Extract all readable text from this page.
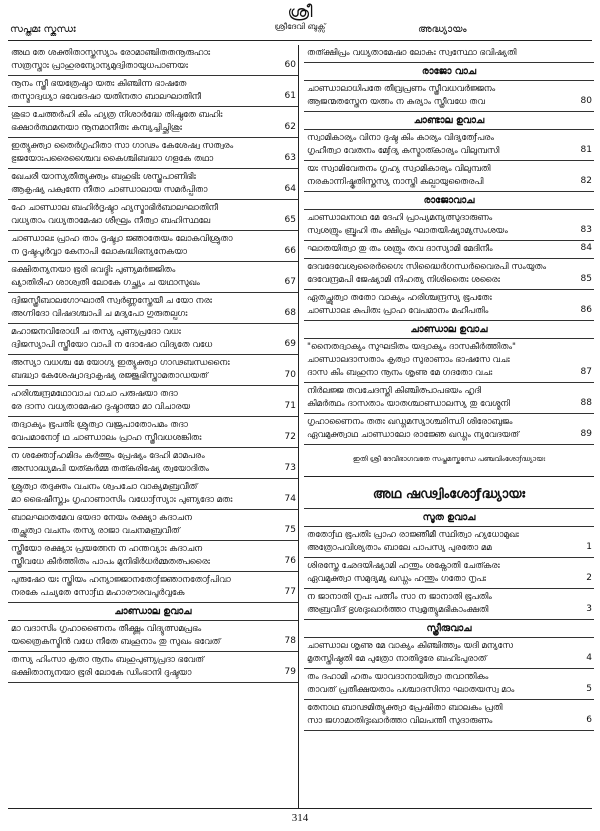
സപ്തമഃ സ്കന്ധഃ
ശ്രീ
ശ്രീദേവി ബുക്സ്	അദ്ധ്യായം
അഥ തേ ശക്തിതാസ്തസ്യാം രോമാഞ്ചിതതനൂരുഹാഃ
സത്രസ്താഃ പ്രാഹുരന്യോന്യമുദ്വിതായുധപാണയഃ	60
നൂനം സ്ത്രീ ഭയത്രേഷ്ടാ യതഃ കിഞ്ചിന്ന ഭാഷതേ
തസ്മാദ്വധ്യാ ഭവേദേഷാ യതിനതാ ബാലഘാതിനീ	61
ശുഭാ ചേത്തർഹി കിം ഹ്യത്ര നിശാർദ്ധേ തിഷ്ഠതേ ബഹിഃ
ഭക്ഷാർത്ഥമനയാ നൂനമാനീതഃ കമ്പ്യച്ചിച്ഛിശുഃ	62
ഇത്യുക്ത്വാ തൈർഗൃഹീതാ സാ ഗാഢം കേശേഷ്വ സത്വരം
ഭുജയോഃപരൈശ്ചൈവ കൈശ്ചിബദ്ധാ ഗളകേ തഥാ	63
ഖേചരീ യാസ്യതീത്യുക്ത്വം ബഹുഭിഃ ശസ്ത്രപാണിഭിഃ
ആകൃഷ്യ പക്വന്നേ നീതാ ചാണ്ഡാലായ സമർപ്പിതാ	64
ഹേ ചാണ്ഡാല ബഹിർദൃഷ്ടാ ഹ്യസ്മാഭിർബാലഘാതിനീ
വധ്യതാം വധ്യതാമേഷാ ശീഘ്രം നീത്വാ ബഹിസ്ഥലേ	65
ചാണ്ഡാലഃ പ്രാഹ താം ദൃഷ്ട്വാ ജ്ഞാതേയം ലോകവിശ്രുതാ
ന ദൃഷ്ടപൂർവ്വാ കേനാപി ലോകദ്ധിഭന്യനേകയാ	66
ഭക്ഷിതന്യനയാ ഭൂരി ഭവദ്ഭിഃ പുണ്യമർജ്ജിതം
ഖ്യാതിരീഹ ശാശ്വതീ ലോകേ ഗച്ഛ്യം ച യഥാസുഖം	67
ദ്വിജസ്ത്രീബാലഗോഘാതീ സ്വർണ്ണസ്തേയീ ച യോ നരഃ
അഗ്നിദോ വിഷദശ്ചാപി ച മദ്യപോ ഗുരുതല്പഗഃ	68
മഹാജനവിരോധീ ച തസ്യ പുണ്യപ്രദോ വധഃ
ദ്വിജസ്യാപി സ്ത്രീയോ വാപി ന ദോഷോ വിദ്യതേ വധേ	69
അസ്യാ വധശ്ച മേ യോഗ്യ ഇത്യുക്ത്വാ ഗാഢബന്ധനൈഃ
ബദ്ധ്വാ കേശേഷ്വാദ്വാകൃഷ്യ രജ്ജുഭിസ്താമതാഡയത്	70
ഹരിശ്ചന്ദ്രമഥോവാച വാചാ പരുഷയാ തദാ
രേ ദാസ വധ്യതാമേഷാ ദുഷ്ടാത്മാ മാ വിചാരയ	71
തദ്വാക്യം ഭൂപതിഃ ശ്രുത്വാ വജ്രപാതോപമം തദാ
വേപമാനോƒ ഥ ചാണ്ഡാലം പ്രാഹ സ്ത്രീവധശങ്കിതഃ	72
ന ശക്തോƒഹമിദം കർത്തും പ്രേഷ്യം ദേഹി മാമപരം
അസാദ്ധ്യമപി യത്കർമ്മ തത്കരിഷ്യേ ത്വയോദിതം	73
ശ്രുത്വാ തദുക്തം വചനം ശ്വപചോ വാക്യമബ്രവീത്
മാ ഭൈഷീസ്ത്വം ഗൃഹാണാസിം വധോƒസ്യാഃ പുണ്യദോ മതഃ	74
ബാലഘാതമേവ ഭയദാ നേയം രക്ഷ്യാ കദാചന
തച്ഛ്രുത്വാ വചനം തസ്യ രാജാ വചനമബ്രവീത്	75
സ്ത്രീയോ രക്ഷ്യാഃ പ്രയത്നേന ന ഹന്തവ്യാഃ കദാചന
സ്ത്രീവധേ കീർത്തിതം പാപം മുനിഭിർധർമ്മതത്പരൈഃ	76
പുരുഷോ യഃ സ്ത്രിയം ഹന്യാജ്ജാനതോƒജ്ഞാനതോƒപിവാ
നരകേ പച്യതേ സോƒഥ മഹാരൗരവപൂർവ്വകേ	77
ചാണ്ഡാല ഉവാച
മാ വദാസിം ഗൃഹാണൈനം തീക്ഷ്ണം വിദ്യുത്സമപ്രഭം
യത്രൈകസ്മിൻ വധേ നീതേ ബഹൂനാം തു സുഖം ഭവേത്	78
തസ്യ ഹിംസാ കൃതാ നൂനം ബഹുപുണ്യപ്രദാ ഭവേത്
ഭക്ഷിതാന്യനയാ ഭൂരി ലോകേ ഡിംഭാനി ദുഷ്ടയാ	79
തത്ക്ഷിപ്രം വധ്യതാമേഷാ ലോകഃ സ്വസ്ഥോ ഭവിഷ്യതി
രാജോ വാച
ചാണ്ഡാലാധിപതേ തീവ്രപ്രണം സ്ത്രീവധവർജ്ജനം
ആജന്മതസ്തേന യത്നം ന കുര്യാം സ്ത്രീവധേ തവ	80
ചാണ്ടാല ഉവാച
സ്വാമികാര്യം വിനാ ദുഷ്ട കിം കാര്യം വിദ്യതേƒപരം
ഗൃഹീത്വാ വേതനം മേƒദ്യ കസ്മാത്കാര്യം വിലുമ്പസി	81
യഃ സ്വാമിവേതനം ഗൃഹ്യ സ്വാമികാര്യം വിലുമ്പതി
നരകാന്നിഷ്കൃതിസ്തസ്യ നാസ്തി കല്പായുതൈരപി	82
രാജോവാച
ചാണ്ഡാലനാഥ മേ ദേഹി പ്രാപ്യമന്യത്സുദാരുണം
സ്വശത്രും ബ്രൂഹി തം ക്ഷിപ്രം ഘാതയിഷ്യാമ്യസംശയം	83
ഘാതയിത്വാ തു തം ശത്രും തവ ദാസ്യാമി മേദിനീം	84
ദേവദേവേശ്വരൈർഗൈഃ സിദ്ധൈർഗന്ധർവൈരപി സംയുതം
ദേവേന്ദ്രമപി ജേഷ്യാമി നിഹത്യ നിശിതൈഃ ശരൈഃ	85
ഏതച്ഛ്രുത്വാ തതോ വാക്യം ഹരിശ്ചന്ദ്രസ്യ ഭൂപതേഃ
ചാണ്ഡാലഃ കുപിതഃ പ്രാഹ വേപമാനം മഹീപതിം	86
ചാണ്ഡാല ഉവാച
"നൈതദ്വാക്യം സുഘടിതം യദ്വാക്യം ദാസകീർത്തിതം"
ചാണ്ഡാലദാസതാം കൃത്വാ സുരാണാം ഭാഷസേ വചഃ
ദാസ കിം ബഹുനാ നൂനം ശൃണു മേ ഗദതോ വചഃ	87
നിർലജ്ജ തവചേദസ്തി കിഞ്ചിത്പാപഭയം ഹൃദി
കിമർത്ഥം ദാസതാം യാതശ്ചാണ്ഡാലസ്യ തു വേശ്മനി	88
ഗൃഹാണൈനം തതഃ ഖഡ്ഗമസ്യാശ്ഛിന്ധി ശിരോബുജം
ഏവമുക്ത്വാഥ ചാണ്ഡാലോ രാജ്ഞേ ഖഡ്ഗം ന്യവേദയത്	89
ഇതി ശ്രീ ദേവീഭാഗവതേ സപ്തമസ്കന്ധേ പഞ്ചവിംശോƒദ്ധ്യായഃ
അഥ ഷഢ്വിംശോƒദ്ധ്യായഃ
സൂത ഉവാച
തതോƒഥ ഭൂപതിഃ പ്രാഹ രാജ്ഞീമീ സ്ഥിത്വാ ഹ്യധോമുഖഃ
അത്രോപവിശ്യതാം ബാലേ പാപസ്യ പുരതോ മമ	1
ശിരസ്തേ ഛേദയിഷ്യാമി ഹന്തും ശക്നോതി ചേത്കരഃ
ഏവമുക്ത്വാ സമുദ്യമ്യ ഖഡ്ഗം ഹന്തും ഗതോ നൃപഃ	2
ന ജാനാതി നൃപഃ പത്നീം സാ ന ജാനാതി ഭൂപതിം
അബ്രവീദ് ഭൃശദുഃഖാർത്താ സ്വമൃത്യുമഭികാംക്ഷതി	3
സ്ത്രീരുവാച
ചാണ്ഡാല ശൃണു മേ വാക്യം കിഞ്ചിത്ത്വം യദി മന്യസേ
മൃതസ്തിഷ്ഠതി മേ പുത്രോ നാതിദൂരേ ബഹിഃപുരാത്	4
തം ദഹാമി ഹതം യാവദാനായിത്വാ തവാന്തികം
താവത് പ്രതീക്ഷയതാം പശ്ചാദസിനാ ഘാതയസ്വ മാം	5
തേനാഥ ബാഢമിത്യുക്ത്വാ പ്രേഷിതാ ബാലകം പ്രതി
സാ ജഗാമാതിദുഃഖാർത്താ വിലപന്തീ സുദാരുണം	6
314
